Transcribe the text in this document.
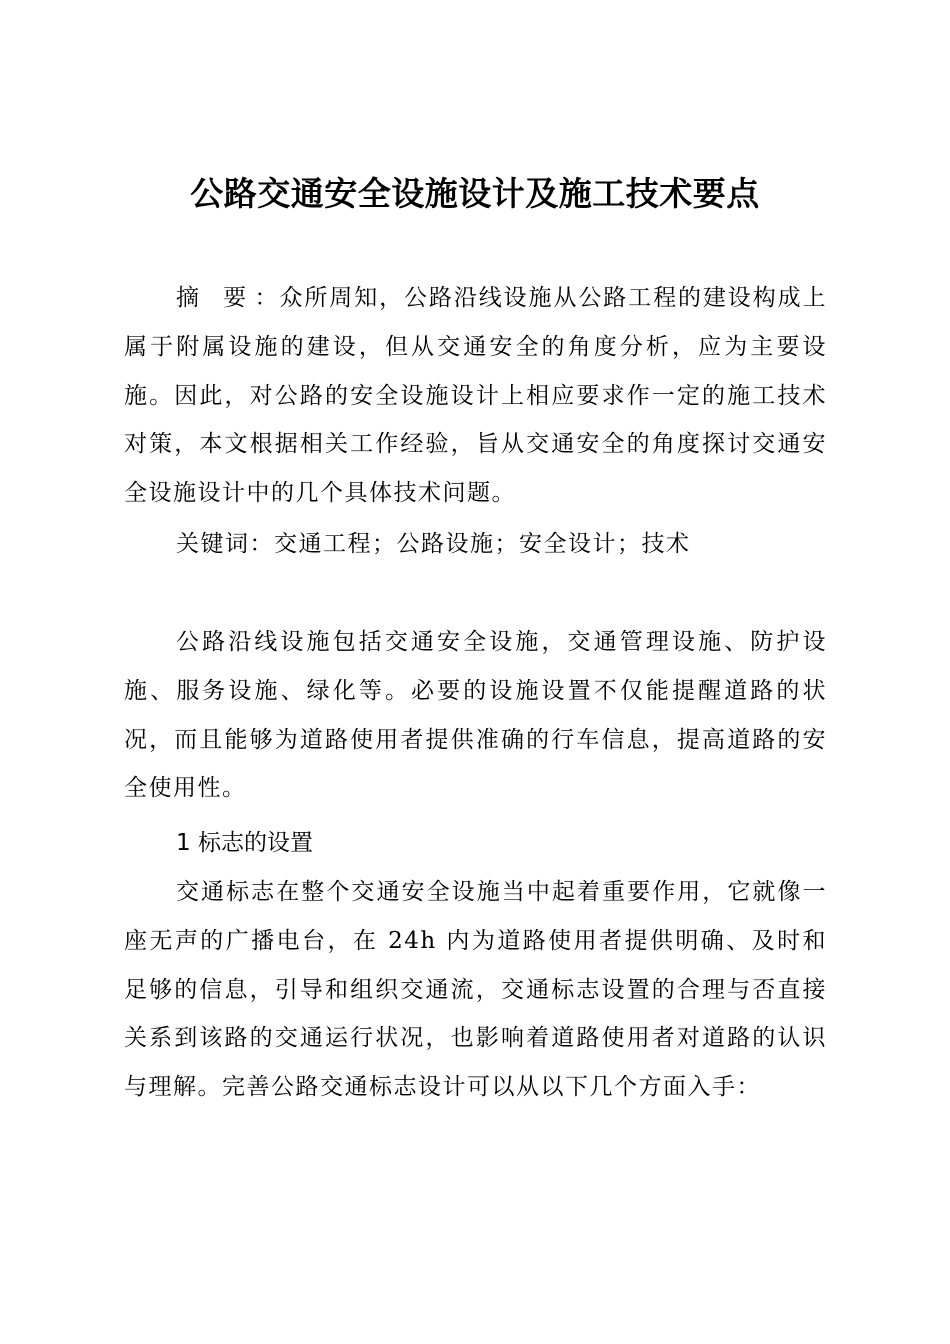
公路交通安全设施设计及施工技术要点
摘 要：众所周知，公路沿线设施从公路工程的建设构成上属于附属设施的建设，但从交通安全的角度分析，应为主要设施。因此，对公路的安全设施设计上相应要求作一定的施工技术对策，本文根据相关工作经验，旨从交通安全的角度探讨交通安全设施设计中的几个具体技术问题。
关键词：交通工程；公路设施；安全设计；技术
公路沿线设施包括交通安全设施，交通管理设施、防护设施、服务设施、绿化等。必要的设施设置不仅能提醒道路的状况，而且能够为道路使用者提供准确的行车信息，提高道路的安全使用性。
1 标志的设置
交通标志在整个交通安全设施当中起着重要作用，它就像一座无声的广播电台，在 24h 内为道路使用者提供明确、及时和足够的信息，引导和组织交通流，交通标志设置的合理与否直接关系到该路的交通运行状况，也影响着道路使用者对道路的认识与理解。完善公路交通标志设计可以从以下几个方面入手：
